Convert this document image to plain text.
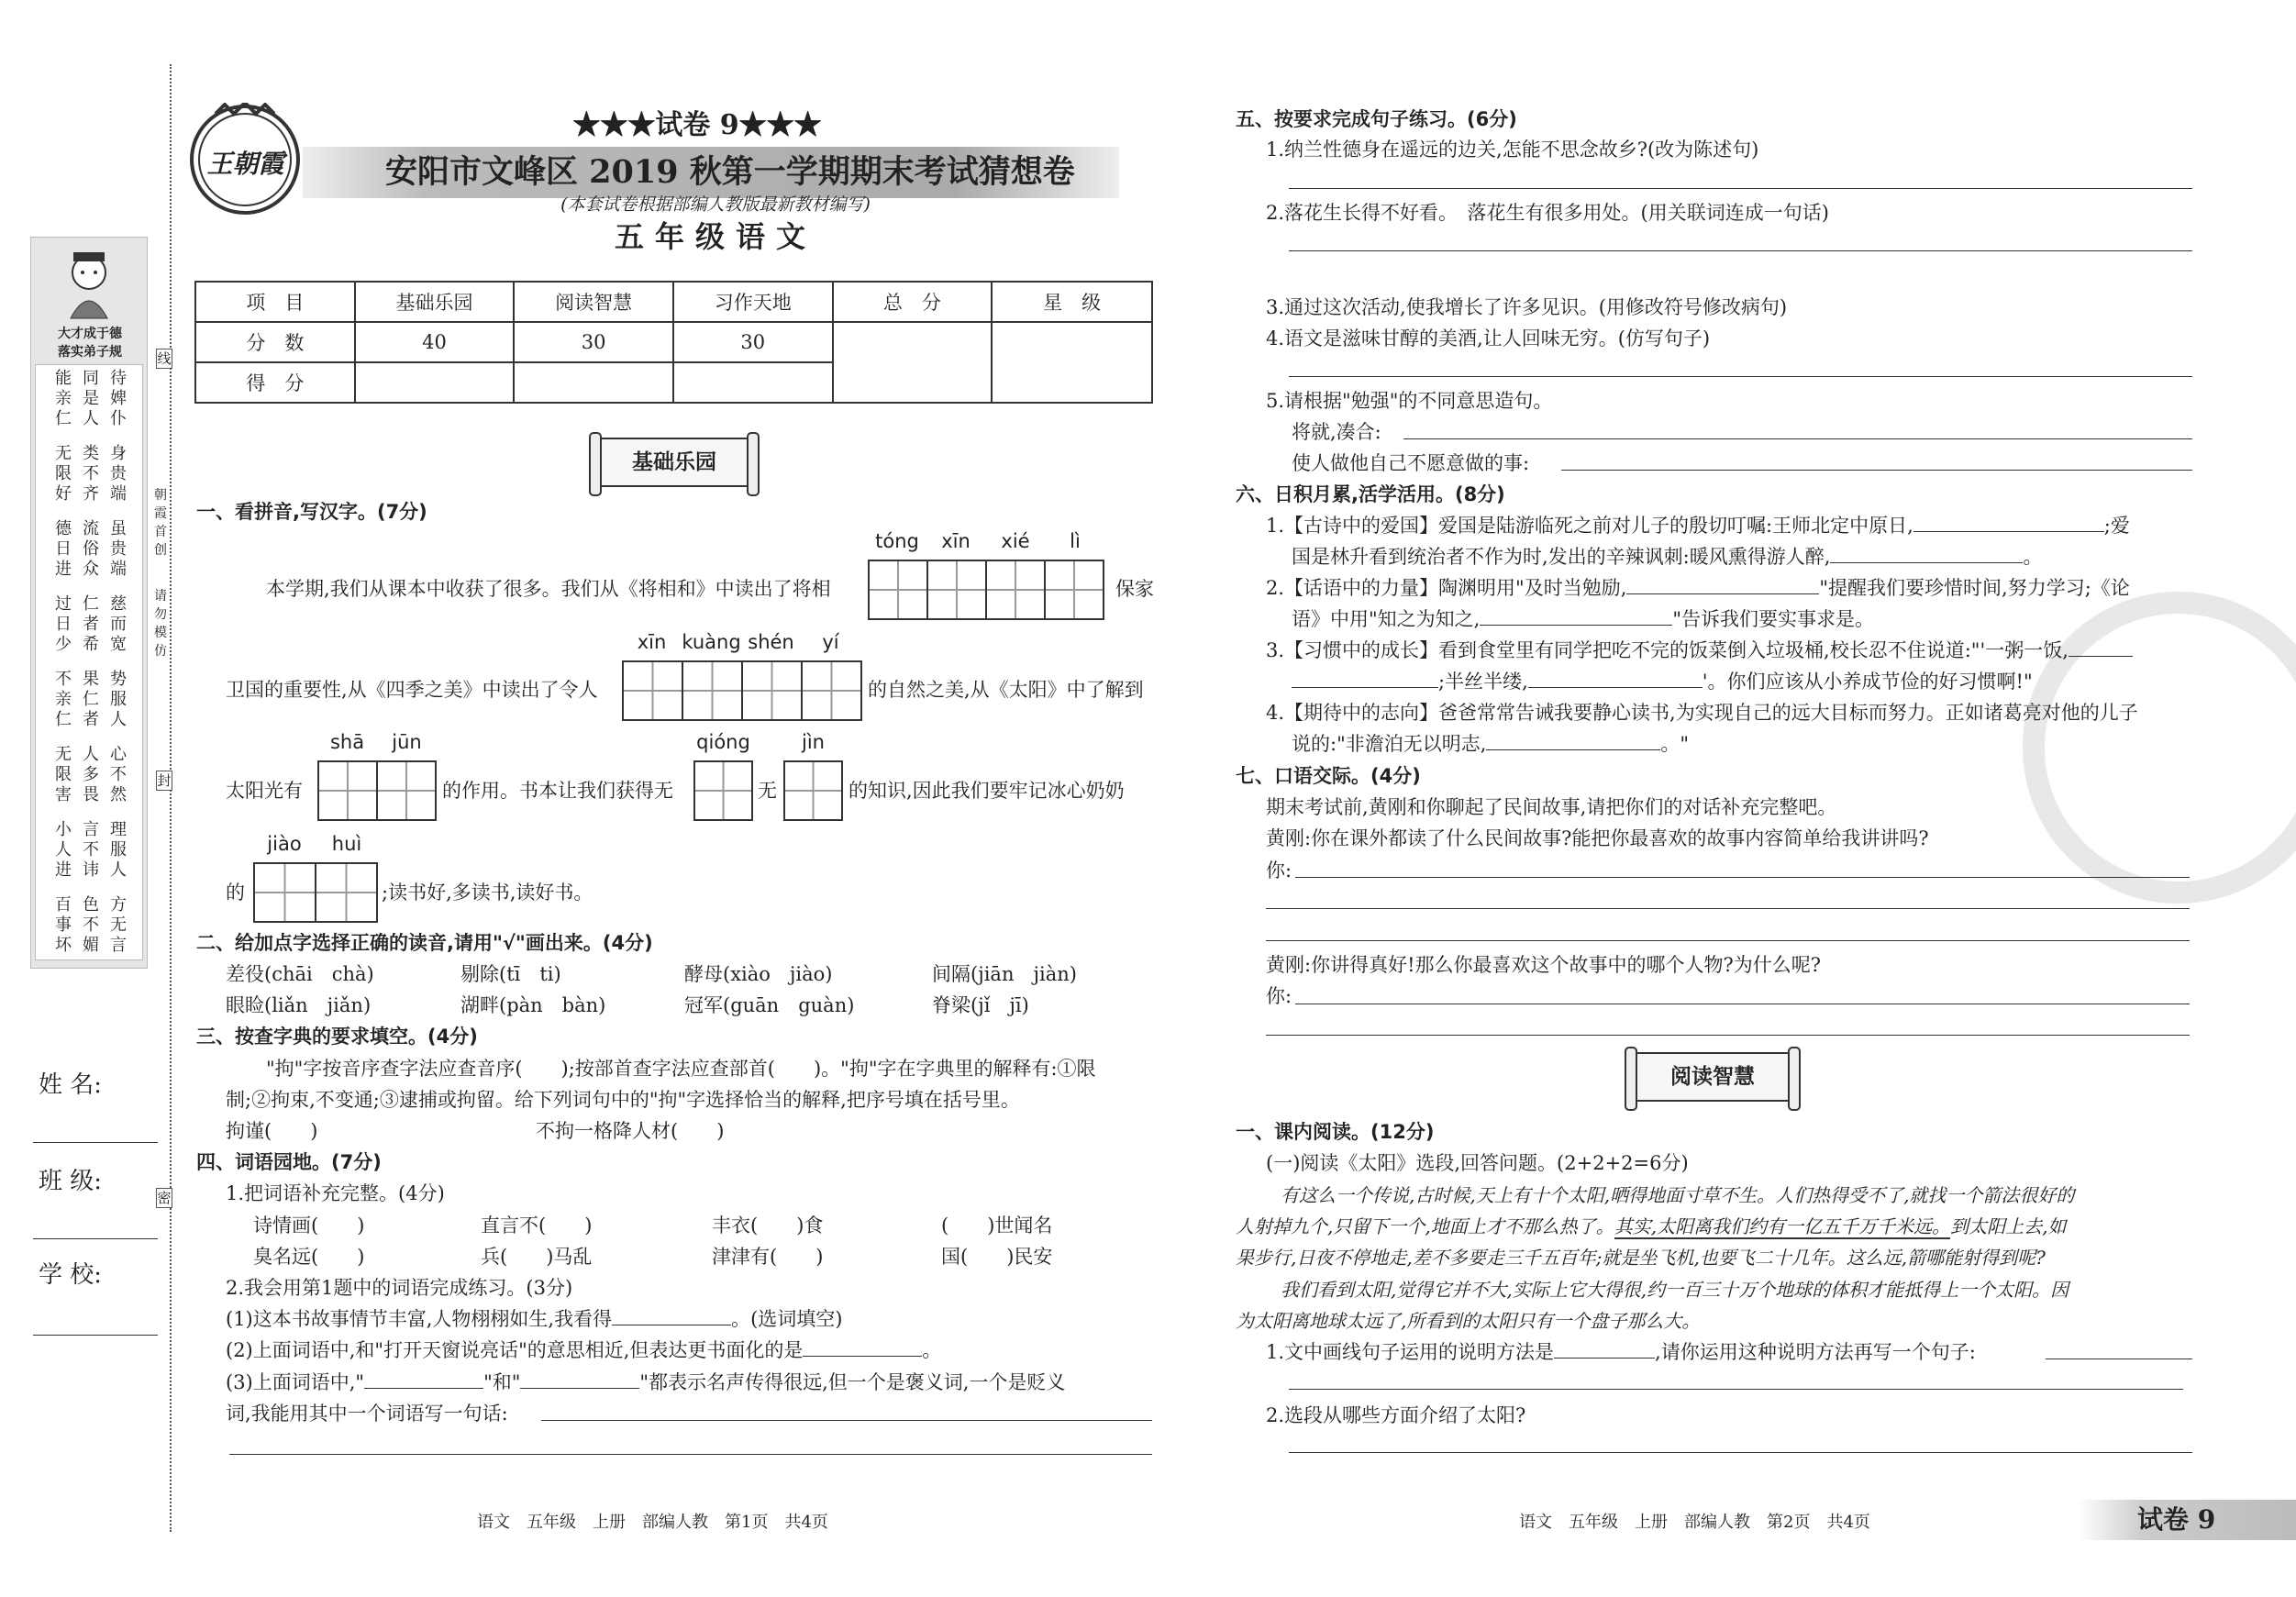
线
封
密
朝霞首创
请勿模仿
大才成于德
落实弟子规
能亲仁
同是人
待婢仆
无限好
类不齐
身贵端
德日进
流俗众
虽贵端
过日少
仁者希
慈而宽
不亲仁
果仁者
势服人
无限害
人多畏
心不然
小人进
言不讳
理服人
百事坏
色不媚
方无言
姓 名:
班 级:
学 校:
王朝霞
★★★试卷 9★★★
安阳市文峰区 2019 秋第一学期期末考试猜想卷
(本套试卷根据部编人教版最新教材编写)
五年级语文
项　目	基础乐园	阅读智慧	习作天地	总　分	星　级
分　数	40	30	30		
得　分					
基础乐园
一、看拼音,写汉字。(7分)
本学期,我们从课本中收获了很多。我们从《将相和》中读出了将相
tóng	xīn	xié	lì
保家
卫国的重要性,从《四季之美》中读出了令人
xīn kuàng shén	yí
的自然之美,从《太阳》中了解到
太阳光有
shā	jūn
的作用。书本让我们获得无
qióng
无
jìn
的知识,因此我们要牢记冰心奶奶
的
jiào	huì
;读书好,多读书,读好书。
二、给加点字选择正确的读音,请用"√"画出来。(4分)
差役(chāi　chà)	剔除(tī　ti)	酵母(xiào　jiào)	间隔(jiān　jiàn)
眼睑(liǎn　jiǎn)	湖畔(pàn　bàn)	冠军(guān　guàn)	脊梁(jǐ　jī)
三、按查字典的要求填空。(4分)
"拘"字按音序查字法应查音序(　　);按部首查字法应查部首(　　)。"拘"字在字典里的解释有:①限
制;②拘束,不变通;③逮捕或拘留。给下列词句中的"拘"字选择恰当的解释,把序号填在括号里。
拘谨(　　)	不拘一格降人材(　　)
四、词语园地。(7分)
1.把词语补充完整。(4分)
诗情画(　　)	直言不(　　)	丰衣(　　)食	(　　)世闻名
臭名远(　　)	兵(　　)马乱	津津有(　　)	国(　　)民安
2.我会用第1题中的词语完成练习。(3分)
(1)这本书故事情节丰富,人物栩栩如生,我看得	。(选词填空)
(2)上面词语中,和"打开天窗说亮话"的意思相近,但表达更书面化的是	。
(3)上面词语中,"	"和"	"都表示名声传得很远,但一个是褒义词,一个是贬义
词,我能用其中一个词语写一句话:
语文　五年级　上册　部编人教　第1页　共4页
五、按要求完成句子练习。(6分)
1.纳兰性德身在遥远的边关,怎能不思念故乡?(改为陈述句)
2.落花生长得不好看。　落花生有很多用处。(用关联词连成一句话)
3.通过这次活动,使我增长了许多见识。(用修改符号修改病句)
4.语文是滋味甘醇的美酒,让人回味无穷。(仿写句子)
5.请根据"勉强"的不同意思造句。
将就,凑合:
使人做他自己不愿意做的事:
六、日积月累,活学活用。(8分)
1.【古诗中的爱国】爱国是陆游临死之前对儿子的殷切叮嘱:王师北定中原日,	;爱
国是林升看到统治者不作为时,发出的辛辣讽刺:暖风熏得游人醉,	。
2.【话语中的力量】陶渊明用"及时当勉励,	"提醒我们要珍惜时间,努力学习;《论
语》中用"知之为知之,	"告诉我们要实事求是。
3.【习惯中的成长】看到食堂里有同学把吃不完的饭菜倒入垃圾桶,校长忍不住说道:"'一粥一饭,
;半丝半缕,	'。你们应该从小养成节俭的好习惯啊!"
4.【期待中的志向】爸爸常常告诫我要静心读书,为实现自己的远大目标而努力。正如诸葛亮对他的儿子
说的:"非澹泊无以明志,	。"
七、口语交际。(4分)
期末考试前,黄刚和你聊起了民间故事,请把你们的对话补充完整吧。
黄刚:你在课外都读了什么民间故事?能把你最喜欢的故事内容简单给我讲讲吗?
你:
黄刚:你讲得真好!那么你最喜欢这个故事中的哪个人物?为什么呢?
你:
阅读智慧
一、课内阅读。(12分)
(一)阅读《太阳》选段,回答问题。(2+2+2=6分)
有这么一个传说,古时候,天上有十个太阳,晒得地面寸草不生。人们热得受不了,就找一个箭法很好的
人射掉九个,只留下一个,地面上才不那么热了。其实,太阳离我们约有一亿五千万千米远。到太阳上去,如
果步行,日夜不停地走,差不多要走三千五百年;就是坐飞机,也要飞二十几年。这么远,箭哪能射得到呢?
我们看到太阳,觉得它并不大,实际上它大得很,约一百三十万个地球的体积才能抵得上一个太阳。因
为太阳离地球太远了,所看到的太阳只有一个盘子那么大。
1.文中画线句子运用的说明方法是	,请你运用这种说明方法再写一个句子:
2.选段从哪些方面介绍了太阳?
语文　五年级　上册　部编人教　第2页　共4页	试卷 9
